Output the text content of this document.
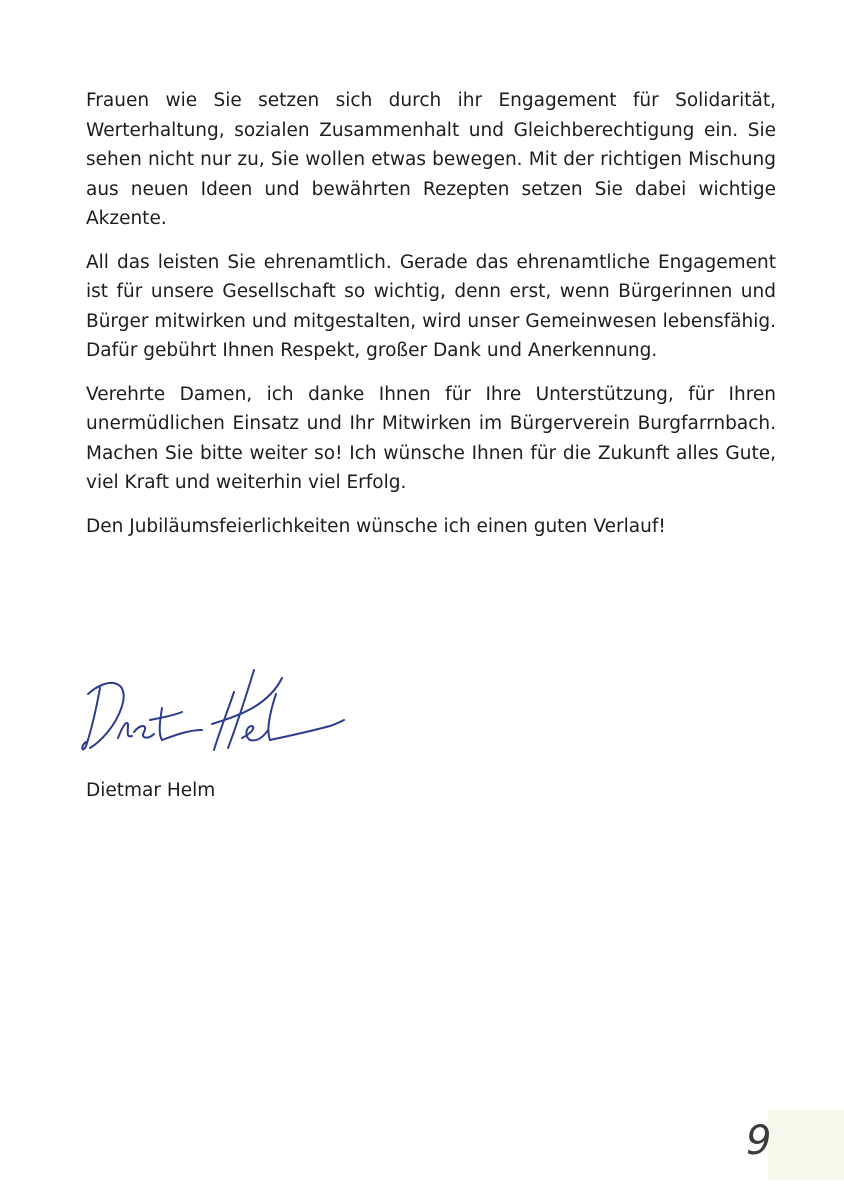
Frauen wie Sie setzen sich durch ihr Engagement für Solidarität, Werterhaltung, sozialen Zusammenhalt und Gleichberechtigung ein. Sie sehen nicht nur zu, Sie wollen etwas bewegen. Mit der richtigen Mischung aus neuen Ideen und bewährten Rezepten setzen Sie dabei wichtige Akzente.

All das leisten Sie ehrenamtlich. Gerade das ehrenamtliche Engagement ist für unsere Gesellschaft so wichtig, denn erst, wenn Bürgerinnen und Bürger mitwirken und mitgestalten, wird unser Gemeinwesen lebensfähig. Dafür gebührt Ihnen Respekt, großer Dank und Anerkennung.

Verehrte Damen, ich danke Ihnen für Ihre Unterstützung, für Ihren unermüdlichen Einsatz und Ihr Mitwirken im Bürgerverein Burgfarrnbach. Machen Sie bitte weiter so! Ich wünsche Ihnen für die Zukunft alles Gute, viel Kraft und weiterhin viel Erfolg.

Den Jubiläumsfeierlichkeiten wünsche ich einen guten Verlauf!

Dietmar Helm
9
